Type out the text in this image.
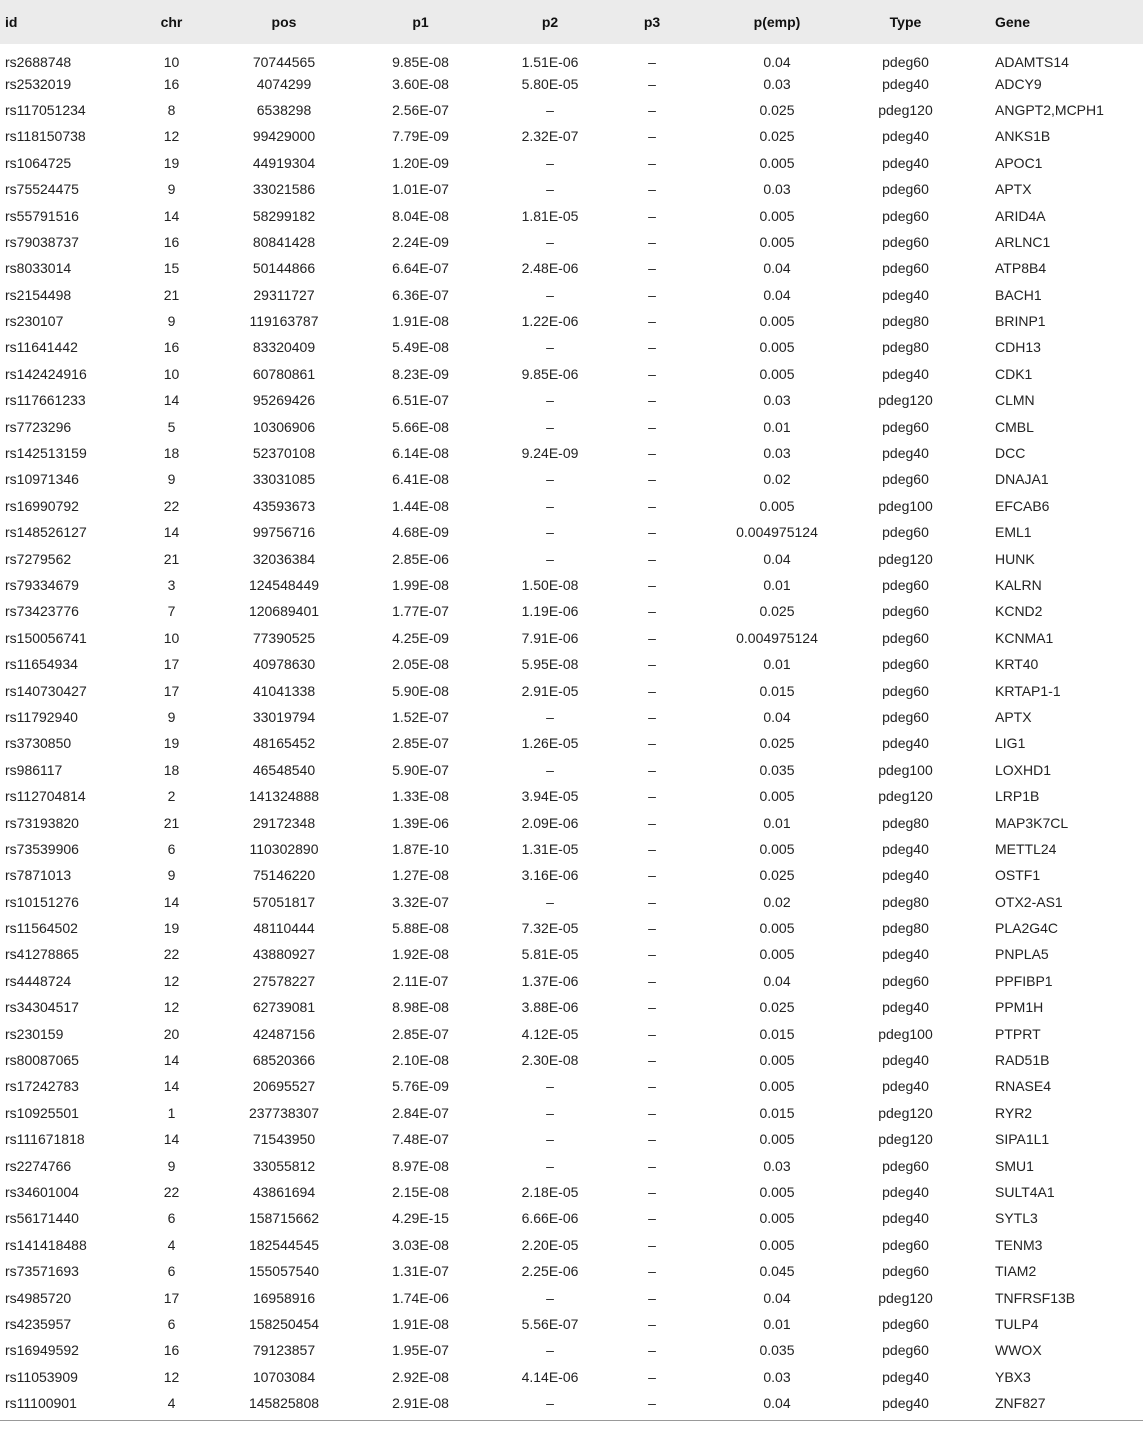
id	chr	pos	p1	p2	p3	p(emp)	Type	Gene
rs2688748	10	70744565	9.85E-08	1.51E-06	–	0.04	pdeg60	ADAMTS14
rs2532019	16	4074299	3.60E-08	5.80E-05	–	0.03	pdeg40	ADCY9
rs117051234	8	6538298	2.56E-07	–	–	0.025	pdeg120	ANGPT2,MCPH1
rs118150738	12	99429000	7.79E-09	2.32E-07	–	0.025	pdeg40	ANKS1B
rs1064725	19	44919304	1.20E-09	–	–	0.005	pdeg40	APOC1
rs75524475	9	33021586	1.01E-07	–	–	0.03	pdeg60	APTX
rs55791516	14	58299182	8.04E-08	1.81E-05	–	0.005	pdeg60	ARID4A
rs79038737	16	80841428	2.24E-09	–	–	0.005	pdeg60	ARLNC1
rs8033014	15	50144866	6.64E-07	2.48E-06	–	0.04	pdeg60	ATP8B4
rs2154498	21	29311727	6.36E-07	–	–	0.04	pdeg40	BACH1
rs230107	9	119163787	1.91E-08	1.22E-06	–	0.005	pdeg80	BRINP1
rs11641442	16	83320409	5.49E-08	–	–	0.005	pdeg80	CDH13
rs142424916	10	60780861	8.23E-09	9.85E-06	–	0.005	pdeg40	CDK1
rs117661233	14	95269426	6.51E-07	–	–	0.03	pdeg120	CLMN
rs7723296	5	10306906	5.66E-08	–	–	0.01	pdeg60	CMBL
rs142513159	18	52370108	6.14E-08	9.24E-09	–	0.03	pdeg40	DCC
rs10971346	9	33031085	6.41E-08	–	–	0.02	pdeg60	DNAJA1
rs16990792	22	43593673	1.44E-08	–	–	0.005	pdeg100	EFCAB6
rs148526127	14	99756716	4.68E-09	–	–	0.004975124	pdeg60	EML1
rs7279562	21	32036384	2.85E-06	–	–	0.04	pdeg120	HUNK
rs79334679	3	124548449	1.99E-08	1.50E-08	–	0.01	pdeg60	KALRN
rs73423776	7	120689401	1.77E-07	1.19E-06	–	0.025	pdeg60	KCND2
rs150056741	10	77390525	4.25E-09	7.91E-06	–	0.004975124	pdeg60	KCNMA1
rs11654934	17	40978630	2.05E-08	5.95E-08	–	0.01	pdeg60	KRT40
rs140730427	17	41041338	5.90E-08	2.91E-05	–	0.015	pdeg60	KRTAP1-1
rs11792940	9	33019794	1.52E-07	–	–	0.04	pdeg60	APTX
rs3730850	19	48165452	2.85E-07	1.26E-05	–	0.025	pdeg40	LIG1
rs986117	18	46548540	5.90E-07	–	–	0.035	pdeg100	LOXHD1
rs112704814	2	141324888	1.33E-08	3.94E-05	–	0.005	pdeg120	LRP1B
rs73193820	21	29172348	1.39E-06	2.09E-06	–	0.01	pdeg80	MAP3K7CL
rs73539906	6	110302890	1.87E-10	1.31E-05	–	0.005	pdeg40	METTL24
rs7871013	9	75146220	1.27E-08	3.16E-06	–	0.025	pdeg40	OSTF1
rs10151276	14	57051817	3.32E-07	–	–	0.02	pdeg80	OTX2-AS1
rs11564502	19	48110444	5.88E-08	7.32E-05	–	0.005	pdeg80	PLA2G4C
rs41278865	22	43880927	1.92E-08	5.81E-05	–	0.005	pdeg40	PNPLA5
rs4448724	12	27578227	2.11E-07	1.37E-06	–	0.04	pdeg60	PPFIBP1
rs34304517	12	62739081	8.98E-08	3.88E-06	–	0.025	pdeg40	PPM1H
rs230159	20	42487156	2.85E-07	4.12E-05	–	0.015	pdeg100	PTPRT
rs80087065	14	68520366	2.10E-08	2.30E-08	–	0.005	pdeg40	RAD51B
rs17242783	14	20695527	5.76E-09	–	–	0.005	pdeg40	RNASE4
rs10925501	1	237738307	2.84E-07	–	–	0.015	pdeg120	RYR2
rs111671818	14	71543950	7.48E-07	–	–	0.005	pdeg120	SIPA1L1
rs2274766	9	33055812	8.97E-08	–	–	0.03	pdeg60	SMU1
rs34601004	22	43861694	2.15E-08	2.18E-05	–	0.005	pdeg40	SULT4A1
rs56171440	6	158715662	4.29E-15	6.66E-06	–	0.005	pdeg40	SYTL3
rs141418488	4	182544545	3.03E-08	2.20E-05	–	0.005	pdeg60	TENM3
rs73571693	6	155057540	1.31E-07	2.25E-06	–	0.045	pdeg60	TIAM2
rs4985720	17	16958916	1.74E-06	–	–	0.04	pdeg120	TNFRSF13B
rs4235957	6	158250454	1.91E-08	5.56E-07	–	0.01	pdeg60	TULP4
rs16949592	16	79123857	1.95E-07	–	–	0.035	pdeg60	WWOX
rs11053909	12	10703084	2.92E-08	4.14E-06	–	0.03	pdeg40	YBX3
rs11100901	4	145825808	2.91E-08	–	–	0.04	pdeg40	ZNF827
